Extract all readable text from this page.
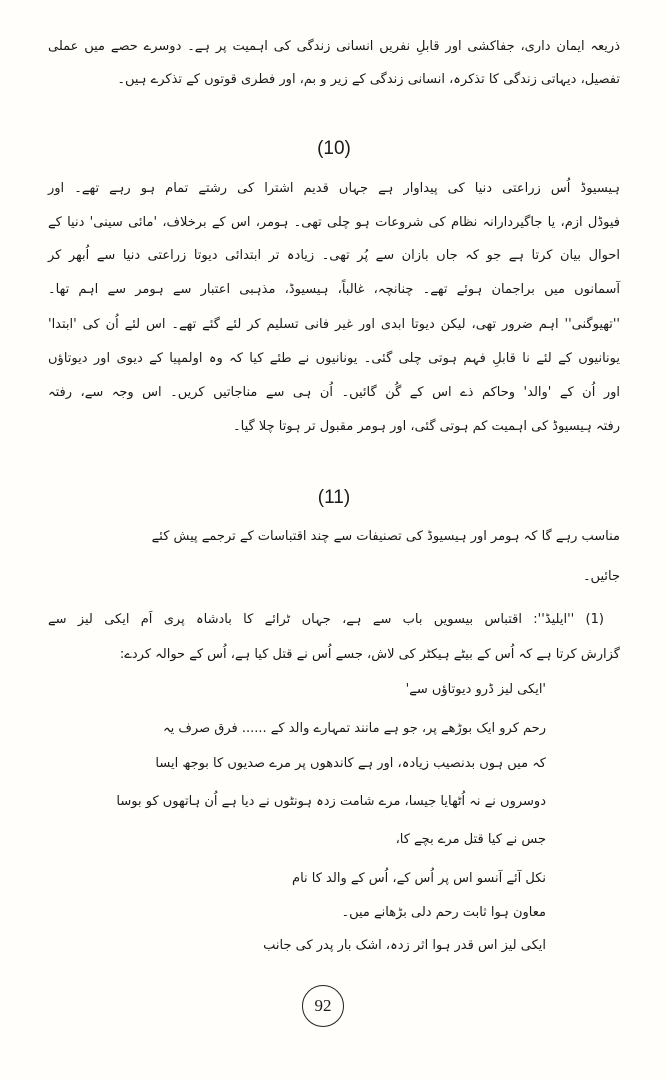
ذریعہ ایمان داری، جفاکشی اور قابلِ نفریں انسانی زندگی کی اہمیت پر ہے۔ دوسرے حصے میں عملی
تفصیل، دیہاتی زندگی کا تذکرہ، انسانی زندگی کے زیر و بم، اور فطری قوتوں کے تذکرے ہیں۔
(10)
ہیسیوڈ اُس زراعتی دنیا کی پیداوار ہے جہاں قدیم اشترا کی رشتے تمام ہو رہے تھے۔ اور
فیوڈل ازم، یا جاگیردارانہ نظام کی شروعات ہو چلی تھی۔ ہومر، اس کے برخلاف، 'مائی سینی' دنیا کے
احوال بیان کرتا ہے جو کہ جاں بازان سے پُر تھی۔ زیادہ تر ابتدائی دیوتا زراعتی دنیا سے اُبھر کر
آسمانوں میں براجمان ہوئے تھے۔ چنانچہ، غالباً، ہیسیوڈ، مذہبی اعتبار سے ہومر سے اہم تھا۔
''تھیوگنی'' اہم ضرور تھی، لیکن دیوتا ابدی اور غیر فانی تسلیم کر لئے گئے تھے۔ اس لئے اُن کی 'ابتدا'
یونانیوں کے لئے نا قابلِ فہم ہوتی چلی گئی۔ یونانیوں نے طئے کیا کہ وہ اولمپیا کے دیوی اور دیوتاؤں
اور اُن کے 'والد' وحاکم ذے اس کے گُن گائیں۔ اُن ہی سے مناجاتیں کریں۔ اس وجہ سے، رفتہ
رفتہ ہیسیوڈ کی اہمیت کم ہوتی گئی، اور ہومر مقبول تر ہوتا چلا گیا۔
(11)
مناسب رہے گا کہ ہومر اور ہیسیوڈ کی تصنیفات سے چند اقتباسات کے ترجمے پیش کئے
جائیں۔
(1) ''ایلیڈ'': اقتباس بیسویں باب سے ہے، جہاں ٹرائے کا بادشاہ پری اَم ایکی لیز سے
گزارش کرتا ہے کہ اُس کے بیٹے ہیکٹر کی لاش، جسے اُس نے قتل کیا ہے، اُس کے حوالہ کردے:
'ایکی لیز ڈرو دیوتاؤں سے'
رحم کرو ایک بوڑھے پر، جو ہے مانند تمہارے والد کے ...... فرق صرف یہ
کہ میں ہوں بدنصیب زیادہ، اور ہے کاندھوں پر مرے صدیوں کا بوجھ ایسا
دوسروں نے نہ اُٹھایا جیسا، مرے شامت زدہ ہونٹوں نے دیا ہے اُن ہاتھوں کو بوسا
جس نے کیا قتل مرے بچے کا،
نکل آئے آنسو اس پر اُس کے، اُس کے والد کا نام
معاون ہوا ثابت رحم دلی بڑھانے میں۔
ایکی لیز اس قدر ہوا اثر زدہ، اشک بار پدر کی جانب
92
